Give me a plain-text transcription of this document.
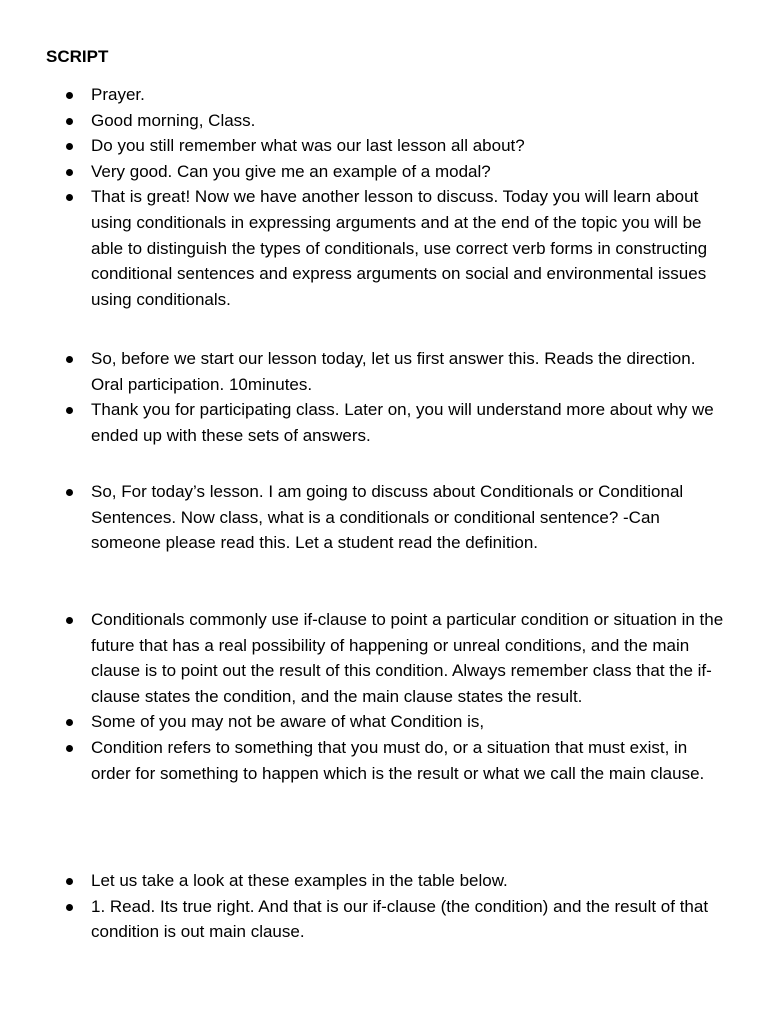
SCRIPT
Prayer.
Good morning, Class.
Do you still remember what was our last lesson all about?
Very good. Can you give me an example of a modal?
That is great! Now we have another lesson to discuss. Today you will learn about using conditionals in expressing arguments and at the end of the topic you will be able to distinguish the types of conditionals, use correct verb forms in constructing conditional sentences and express arguments on social and environmental issues using conditionals.
So, before we start our lesson today, let us first answer this. Reads the direction. Oral participation. 10minutes.
Thank you for participating class. Later on, you will understand more about why we ended up with these sets of answers.
So, For today’s lesson. I am going to discuss about Conditionals or Conditional Sentences. Now class, what is a conditionals or conditional sentence? -Can someone please read this. Let a student read the definition.
Conditionals commonly use if-clause to point a particular condition or situation in the future that has a real possibility of happening or unreal conditions, and the main clause is to point out the result of this condition. Always remember class that the if-clause states the condition, and the main clause states the result.
Some of you may not be aware of what Condition is,
Condition refers to something that you must do, or a situation that must exist, in order for something to happen which is the result or what we call the main clause.
Let us take a look at these examples in the table below.
1. Read. Its true right. And that is our if-clause (the condition) and the result of that condition is out main clause.
